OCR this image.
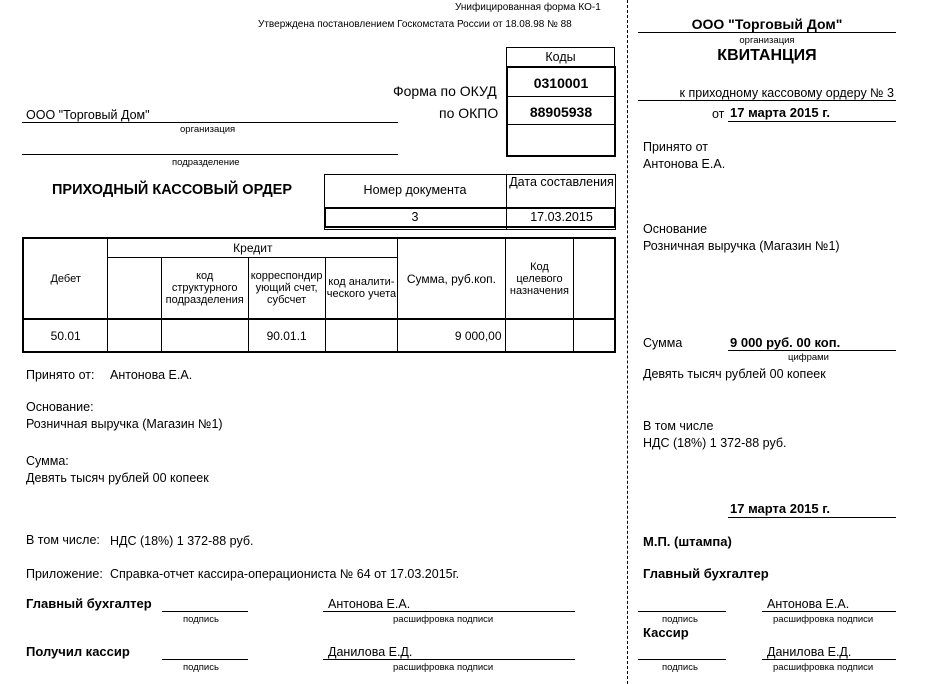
Унифицированная форма КО-1
Утверждена постановлением Госкомстата России от 18.08.98 № 88
Коды
Форма по ОКУД	0310001
по ОКПО	88905938
ООО "Торговый Дом"
организация
подразделение
ПРИХОДНЫЙ КАССОВЫЙ ОРДЕР	Номер документа
Дата составления
3	17.03.2015
Дебет	Кредит				Сумма, руб.коп.	Код целевого назначения	
		код структурного подразделения	корреспондир ующий счет, субсчет	код аналити- ческого учета			
50.01			90.01.1		9 000,00		
Принято от: Антонова Е.А.
Основание:
Розничная выручка (Магазин №1)
Сумма:
Девять тысяч рублей 00 копеек
В том числе: НДС (18%) 1 372-88 руб.
Приложение: Справка-отчет кассира-операциониста № 64 от 17.03.2015г.
Главный бухгалтер
подпись
Антонова Е.А.
расшифровка подписи
Получил кассир
подпись
Данилова Е.Д.
расшифровка подписи
ООО "Торговый Дом"
организация
КВИТАНЦИЯ
к приходному кассовому ордеру № 3
от 17 марта 2015 г.
Принято от
Антонова Е.А.
Основание
Розничная выручка (Магазин №1)
Сумма	9 000 руб. 00 коп.
цифрами
Девять тысяч рублей 00 копеек
В том числе
НДС (18%) 1 372-88 руб.
17 марта 2015 г.
М.П. (штампа)
Главный бухгалтер
подпись
Антонова Е.А.
расшифровка подписи
Кассир
подпись
Данилова Е.Д.
расшифровка подписи
